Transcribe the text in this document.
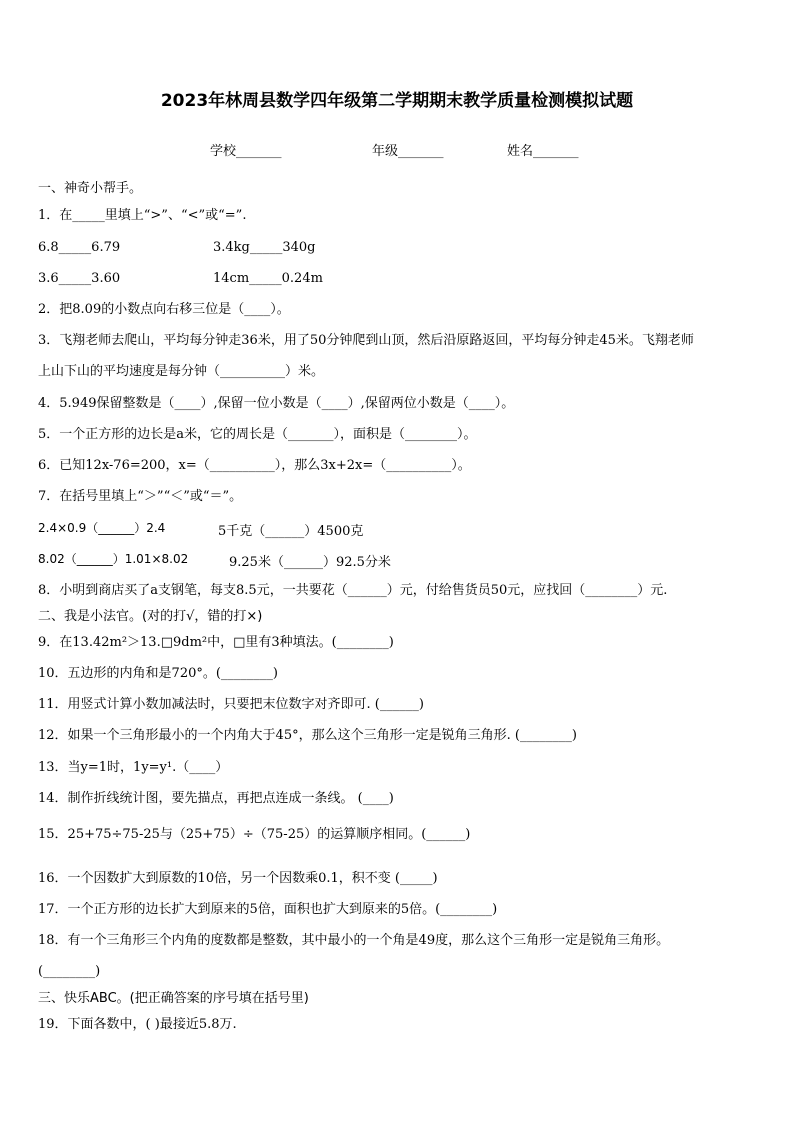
2023年林周县数学四年级第二学期期末教学质量检测模拟试题
学校_______	年级_______	姓名_______
一、神奇小帮手。
1．在_____里填上“>”、“<”或“=”.
6.8_____6.79	3.4kg_____340g
3.6_____3.60	14cm_____0.24m
2．把8.09的小数点向右移三位是（____）。
3．飞翔老师去爬山，平均每分钟走36米，用了50分钟爬到山顶，然后沿原路返回，平均每分钟走45米。飞翔老师
上山下山的平均速度是每分钟（__________）米。
4．5.949保留整数是（____）,保留一位小数是（____）,保留两位小数是（____）。
5．一个正方形的边长是a米，它的周长是（_______），面积是（________）。
6．已知12x-76=200，x=（__________），那么3x+2x=（__________）。
7．在括号里填上“＞”“＜”或“＝”。
2.4×0.9（______）2.4	5千克（______）4500克
8.02（______）1.01×8.02	9.25米（______）92.5分米
8．小明到商店买了a支钢笔，每支8.5元，一共要花（______）元，付给售货员50元，应找回（________）元.
二、我是小法官。(对的打√，错的打×)
9．在13.42m²＞13.□9dm²中，□里有3种填法。(________)
10．五边形的内角和是720°。(________)
11．用竖式计算小数加减法时，只要把末位数字对齐即可. (______)
12．如果一个三角形最小的一个内角大于45°，那么这个三角形一定是锐角三角形. (________)
13．当y=1时，1y=y¹.（____）
14．制作折线统计图，要先描点，再把点连成一条线。 (____)
15．25+75÷75-25与（25+75）÷（75-25）的运算顺序相同。(______)
16．一个因数扩大到原数的10倍，另一个因数乘0.1，积不变 (_____)
17．一个正方形的边长扩大到原来的5倍，面积也扩大到原来的5倍。(________)
18．有一个三角形三个内角的度数都是整数，其中最小的一个角是49度，那么这个三角形一定是锐角三角形。
(________)
三、快乐ABC。(把正确答案的序号填在括号里)
19．下面各数中，( )最接近5.8万.
